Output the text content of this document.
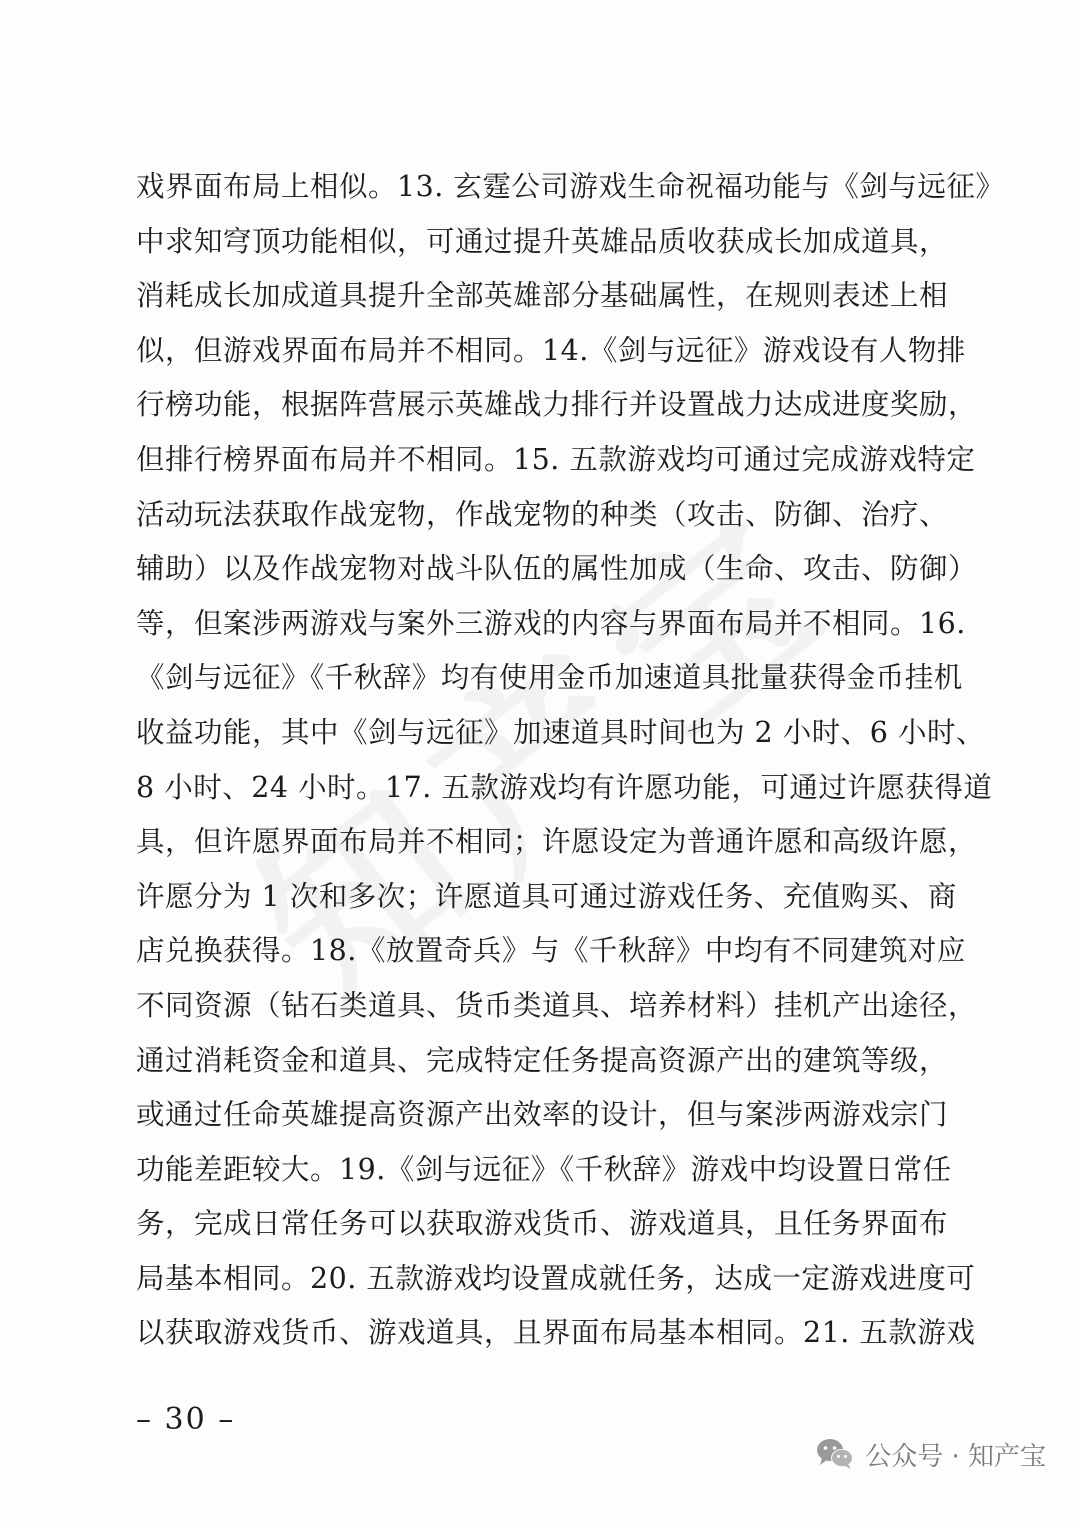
戏界面布局上相似。13. 玄霆公司游戏生命祝福功能与《剑与远征》
中求知穹顶功能相似，可通过提升英雄品质收获成长加成道具，
消耗成长加成道具提升全部英雄部分基础属性，在规则表述上相
似，但游戏界面布局并不相同。14.《剑与远征》游戏设有人物排
行榜功能，根据阵营展示英雄战力排行并设置战力达成进度奖励，
但排行榜界面布局并不相同。15. 五款游戏均可通过完成游戏特定
活动玩法获取作战宠物，作战宠物的种类（攻击、防御、治疗、
辅助）以及作战宠物对战斗队伍的属性加成（生命、攻击、防御）
等，但案涉两游戏与案外三游戏的内容与界面布局并不相同。16.
《剑与远征》《千秋辞》均有使用金币加速道具批量获得金币挂机
收益功能，其中《剑与远征》加速道具时间也为 2 小时、6 小时、
8 小时、24 小时。17. 五款游戏均有许愿功能，可通过许愿获得道
具，但许愿界面布局并不相同；许愿设定为普通许愿和高级许愿，
许愿分为 1 次和多次；许愿道具可通过游戏任务、充值购买、商
店兑换获得。18.《放置奇兵》与《千秋辞》中均有不同建筑对应
不同资源（钻石类道具、货币类道具、培养材料）挂机产出途径，
通过消耗资金和道具、完成特定任务提高资源产出的建筑等级，
或通过任命英雄提高资源产出效率的设计，但与案涉两游戏宗门
功能差距较大。19.《剑与远征》《千秋辞》游戏中均设置日常任
务，完成日常任务可以获取游戏货币、游戏道具，且任务界面布
局基本相同。20. 五款游戏均设置成就任务，达成一定游戏进度可
以获取游戏货币、游戏道具，且界面布局基本相同。21. 五款游戏
– 30 –
公众号 · 知产宝
